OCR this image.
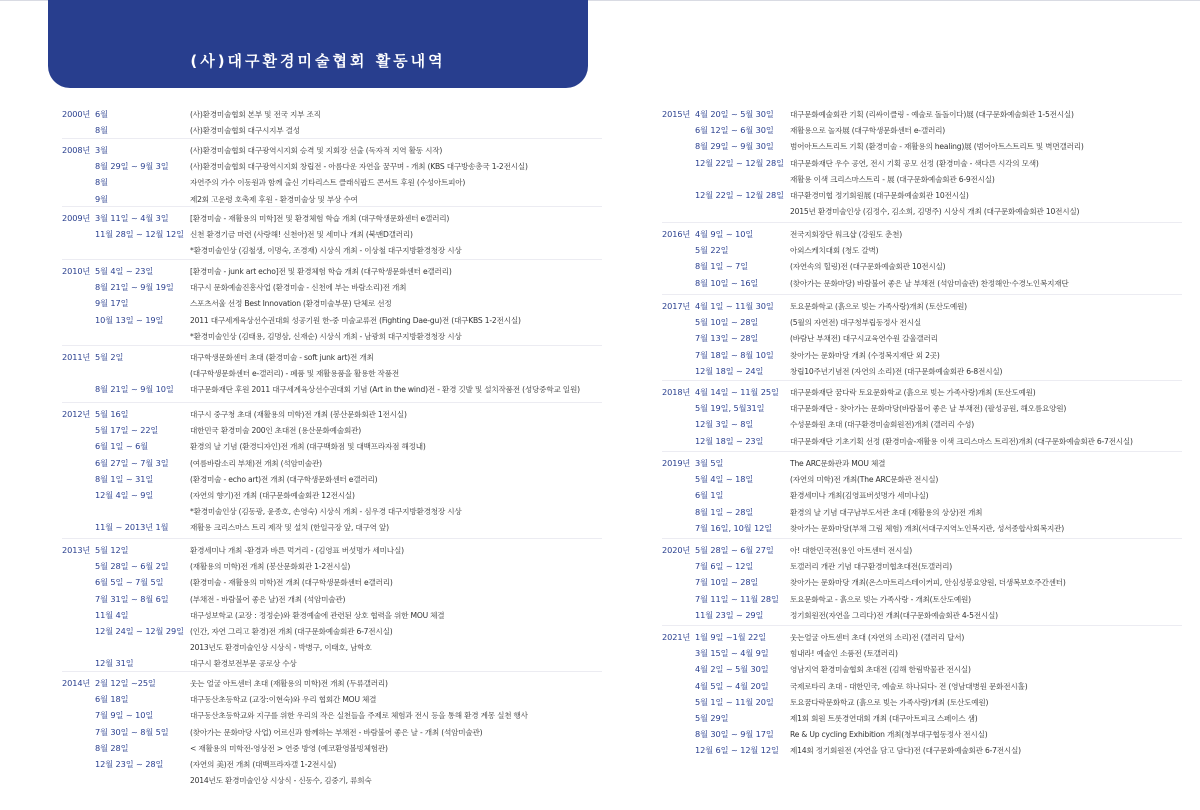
(사)대구환경미술협회 활동내역
2000년 6월	(사)환경미술협회 본부 및 전국 지부 조직
8월	(사)환경미술협회 대구시지부 결성
2008년 3월	(사)환경미술협회 대구광역시지회 승격 및 지회장 선출 (독자적 지역 활동 시작)
8월 29일 ~ 9월 3일	(사)환경미술협회 대구광역시지회 창립전 - 아름다운 자연을 꿈꾸며 - 개최 (KBS 대구방송총국 1-2전시실)
8월	자연주의 가수 이동원과 함께 출신 기타리스트 클래식팝드 콘서트 후원 (수성아트피아)
9월	제2회 고운령 호축제 후원 - 환경미술상 및 부상 수여
2009년 3월 11일 ~ 4월 3일	[환경미술 - 재활용의 미학]전 및 환경체험 학습 개최 (대구학생문화센터 e갤러리)
11월 28일 ~ 12월 12일 신천 환경기금 마련 (사랑해! 신천아)전 및 세미나 개최 (북맨D갤러리)
*환경미술인상 (김철생, 이명숙, 조경재) 시상식 개최 - 이상철 대구지방환경청장 시상
2010년 5월 4일 ~ 23일	[환경미술 - junk art echo]전 및 환경체험 학습 개최 (대구학생문화센터 e갤러리)
8월 21일 ~ 9월 19일 대구시 문화예술진흥사업 (환경미술 - 신천에 부는 바람소리)전 개최
9월 17일	스포츠서울 선정 Best Innovation (환경미술부문) 단체로 선정
10월 13일 ~ 19일	2011 대구세계육상선수권대회 성공기원 한-중 미술교류전 (Fighting Dae-gu)전 (대구KBS 1-2전시실)
*환경미술인상 (김태용, 김명삼, 신재순) 시상식 개최 - 남광희 대구지방환경청장 시상
2011년 5월 2일	대구학생문화센터 초대 (환경미술 - soft junk art)전 개최
(대구학생문화센터 e-갤러리) - 폐품 및 재활용품을 활용한 작품전
8월 21일 ~ 9월 10일 대구문화재단 후원 2011 대구세계육상선수권대회 기념 (Art in the wind)전 - 환경 깃발 및 설치작품전 (성당중학교 일원)
2012년 5월 16일	대구시 중구청 초대 (재활용의 미학)전 개최 (봉산문화회관 1전시실)
5월 17일 ~ 22일	대한민국 환경미술 200인 초대전 (용산문화예술회관)
6월 1일 ~ 6월	환경의 날 기념 (환경디자인)전 개최 (대구백화점 및 대백프라자점 해정내)
6월 27일 ~ 7월 3일	(여름바람소리 부채)전 개최 (석암미술관)
8월 1일 ~ 31일	(환경미술 - echo art)전 개최 (대구학생문화센터 e갤러리)
12월 4일 ~ 9일	(자연의 향기)전 개최 (대구문화예술회관 12전시실)
*환경미술인상 (김동광, 윤종호, 손영숙) 시상식 개최 - 심우경 대구지방환경청장 시상
11월 ~ 2013년 1월	재활용 크리스마스 트리 제작 및 설치 (한일극장 앞, 대구역 앞)
2013년 5월 12일	환경세미나 개최 -환경과 바른 먹거리 - (김영표 버섯명가 세미나실)
5월 28일 ~ 6월 2일	(재활용의 미학)전 개최 (봉산문화회관 1-2전시실)
6월 5일 ~ 7월 5일	(환경미술 - 재활용의 미학)전 개최 (대구학생문화센터 e갤러리)
7월 31일 ~ 8월 6일	(부채전 - 바람불어 좋은 날)전 개최 (석암미술관)
11월 4일	대구성보학교 (교장 : 정정순)와 환경예술에 관련된 상호 협력을 위한 MOU 체결
12월 24일 ~ 12월 29일 (인간, 자연 그리고 환경)전 개최 (대구문화예술회관 6-7전시실)
2013년도 환경미술인상 시상식 - 박병구, 이태호, 남학호
12월 31일	대구시 환경보전부문 공로상 수상
2014년 2월 12일 ~25일	웃는 얼굴 아트센터 초대 (재활용의 미학)전 개최 (두류갤러리)
6월 18일	대구동산초등학교 (교장:이현숙)와 우리 협회간 MOU 체결
7월 9일 ~ 10일	대구동산초등학교와 지구를 위한 우리의 작은 실천들을 주제로 체험과 전시 등을 통해 환경 계몽 실천 행사
7월 30일 ~ 8월 5일	(찾아가는 문화마당 사업) 어르신과 함께하는 부채전 - 바람불어 좋은 날 - 개최 (석암미술관)
8월 28일	< 재활용의 미학전-영상전 > 연중 방영 (예코환영볼빙체험관)
12월 23일 ~ 28일	(자연의 美)전 개최 (대백프라자갤 1-2전시실)
2014년도 환경미술인상 시상식 - 신동수, 김중기, 류희숙
2015년 4월 20일 ~ 5월 30일 대구문화예술회관 기획 (리싸이클링 - 예술로 돌돌이다)展 (대구문화예술회관 1-5전시실)
6월 12일 ~ 6월 30일 재활용으로 놀자展 (대구학생문화센터 e-갤러리)
8월 29일 ~ 9월 30일 범어아트스트리트 기획 (환경미술 - 재활용의 healing)展 (범어아트스트리트 및 벽면갤러리)
12월 22일 ~ 12월 28일 대구문화재단 우수 공연, 전시 기획 공모 선정 (환경미술 - 색다른 시각의 모색)
재활용 이색 크리스마스트리 - 展 (대구문화예술회관 6-9전시실)
12월 22일 ~ 12월 28일 대구환경미협 정기회원展 (대구문화예술회관 10전시실)
2015년 환경미술인상 (김정수, 김소희, 김명주) 시상식 개최 (대구문화예술회관 10전시실)
2016년 4월 9일 ~ 10일	전국지회장단 워크샵 (강원도 춘천)
5월 22일	아외스케치대회 (청도 갈벽)
8월 1일 ~ 7일	(자연속의 힐링)전 (대구문화예술회관 10전시실)
8월 10일 ~ 16일	(찾아가는 문화마당) 바람불어 좋은 날 부채전 (석암미술관) 찬정해안·수경노인복지재단
2017년 4월 1일 ~ 11월 30일 토요문화학교 (흙으로 빚는 가족사랑)개최 (토산도예원)
5월 10일 ~ 28일	(5월의 자연전) 대구청부립동정사 전시실
7월 13일 ~ 28일	(바람난 부채전) 대구시교육연수원 갈울갤러리
7월 18일 ~ 8월 10일 찾아가는 문화마당 개최 (수정복지재단 외 2곳)
12월 18일 ~ 24일	창립10주년기념전 (자연의 소리)전 (대구문화예술회관 6-8전시실)
2018년 4월 14일 ~ 11월 25일 대구문화재단 꿈다락 토요문화학교 (흙으로 빚는 가족사랑)개최 (토산도예원)
5월 19일, 5월31일	대구문화재단 - 찾아가는 문화마당(바람불어 좋은 날 부채전) (팔성공원, 해오름요양원)
12월 3일 ~ 8일	수성문화원 초대 (대구환경미술회원전)개최 (갤러리 수성)
12월 18일 ~ 23일	대구문화재단 기초기획 선정 (환경미술-재활용 이색 크리스마스 트리전)개최 (대구문화예술회관 6-7전시실)
2019년 3월 5일	The ARC문화관과 MOU 체결
5월 4일 ~ 18일	(자연의 미학)전 개최(The ARC문화관 전시실)
6월 1일	환경세미나 개최(김영표버섯명가 세미나실)
8월 1일 ~ 28일	환경의 날 기념 대구남부도서관 초대 (재활용의 상상)전 개최
7월 16일, 10월 12일 찾아가는 문화마당(부채 그림 체험) 개최(서대구지역노인복지관, 성서종합사회복지관)
2020년 5월 28일 ~ 6월 27일 아! 대한민국전(용인 아트센터 전시실)
7월 6일 ~ 12일	토갤러리 개관 기념 대구환경미협초대전(토갤러리)
7월 10일 ~ 28일	찾아가는 문화마당 개최(온스마트리스테이커피, 안심성봉요양원, 더생복보호주간센터)
7월 11일 ~ 11월 28일 토요문화학교 - 흙으로 빚는 가족사랑 - 개최(토산도예원)
11월 23일 ~ 29일	정기회원전(자연을 그리다)전 개최(대구문화예술회관 4-5전시실)
2021년 1월 9일 ~1월 22일	웃는얼굴 아트센터 초대 (자연의 소리)전 (갤러리 달서)
3월 15일 ~ 4월 9일	힘내라! 예술인 소품전 (토갤러리)
4월 2일 ~ 5월 30일	영남지역 환경미술협회 초대전 (김해 한림박물관 전시실)
4월 5일 ~ 4월 20일	국제로타리 초대 - 대한민국, 예술로 하나되다- 전 (영남대병원 문화전시홀)
5월 1일 ~ 11월 20일 토요꿈다락문화학교 (흙으로 빚는 가족사랑)개최 (토산도예원)
5월 29일	제1회 회원 트롯경연대회 개최 (대구아트피크 스페이스 샘)
8월 30일 ~ 9월 17일 Re & Up cycling Exhibition 개최(청부대구협동정사 전시실)
12월 6일 ~ 12월 12일 제14회 정기회원전 (자연을 담고 담다)전 (대구문화예술회관 6-7전시실)
